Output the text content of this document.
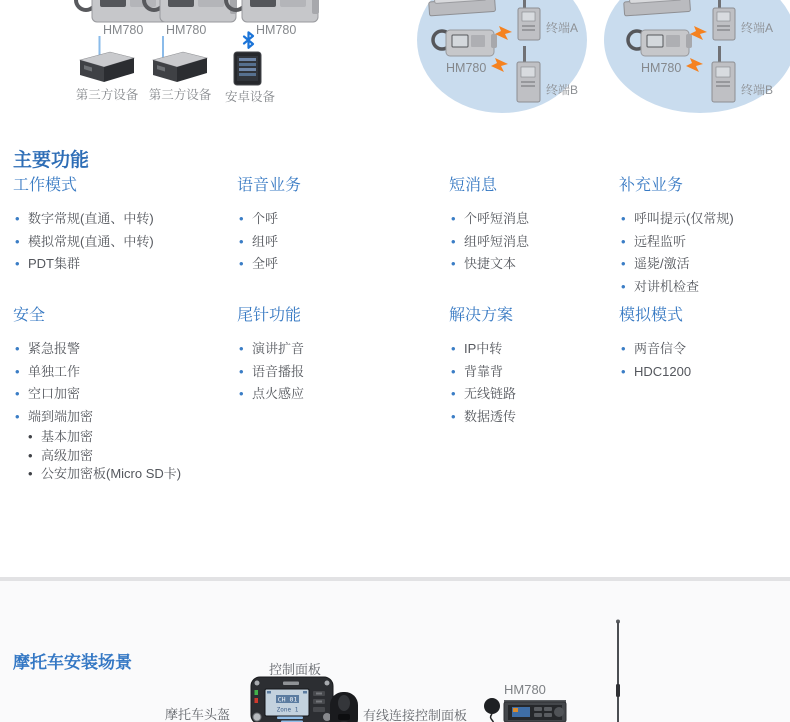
HM780 HM780	HM780
第三方设备 第三方设备 安卓设备
HM780
终端A
终端B
HM780
终端A
终端B
主要功能
工作模式
• 数字常规(直通、中转)
• 模拟常规(直通、中转)
• PDT集群
语音业务
• 个呼
• 组呼
• 全呼
短消息
• 个呼短消息
• 组呼短消息
• 快捷文本
补充业务
• 呼叫提示(仅常规)
• 远程监听
• 遥毙/激活
• 对讲机检查
安全
• 紧急报警
• 单独工作
• 空口加密
• 端到端加密
• 基本加密
• 高级加密
• 公安加密板(Micro SD卡)
尾针功能
• 演讲扩音
• 语音播报
• 点火感应
解决方案
• IP中转
• 背靠背
• 无线链路
• 数据透传
模拟模式
• 两音信令
• HDC1200
摩托车安装场景
CH 01
Zone 1
控制面板
摩托车头盔	有线连接控制面板
HM780
